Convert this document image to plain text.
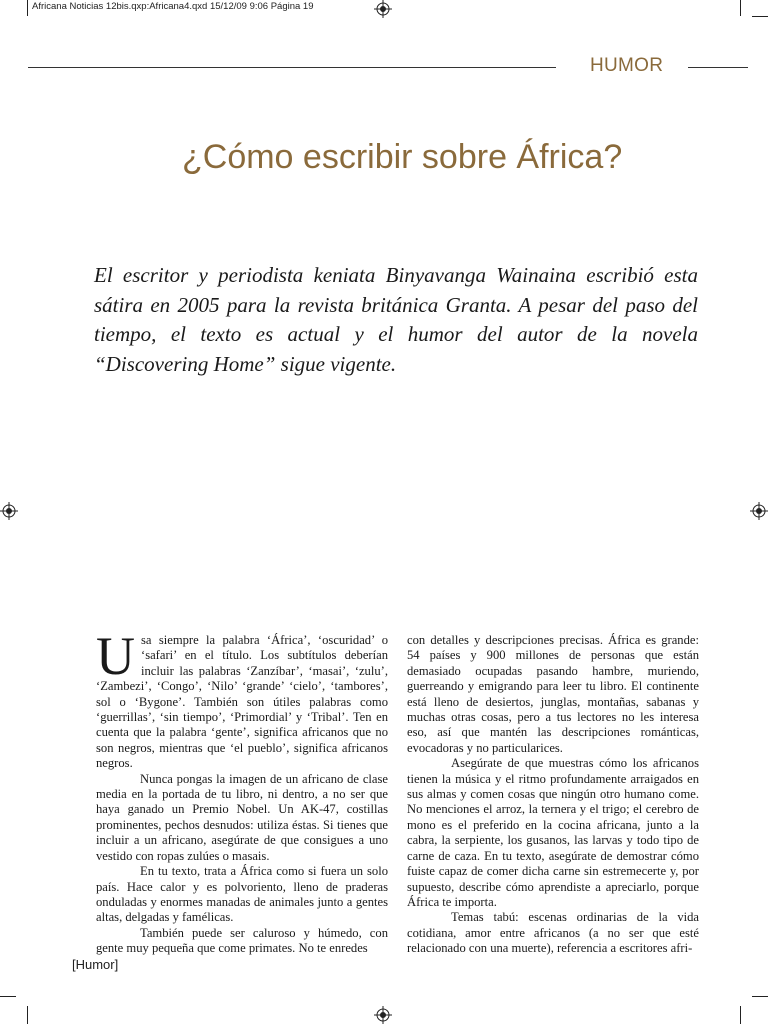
Africana Noticias 12bis.qxp:Africana4.qxd 15/12/09 9:06 Página 19
HUMOR
¿Cómo escribir sobre África?

El escritor y periodista keniata Binyavanga Wainaina escribió esta sátira en 2005 para la revista británica Granta. A pesar del paso del tiempo, el texto es actual y el humor del autor de la novela “Discovering Home” sigue vigente.

Usa siempre la palabra ‘África’, ‘oscuridad’ o ‘safari’ en el título. Los subtítulos deberían incluir las palabras ‘Zanzíbar’, ‘masai’, ‘zulu’, ‘Zambezi’, ‘Congo’, ‘Nilo’ ‘grande’ ‘cielo’, ‘tambores’, sol o ‘Bygone’. También son útiles palabras como ‘guerrillas’, ‘sin tiempo’, ‘Primordial’ y ‘Tribal’. Ten en cuenta que la palabra ‘gente’, significa africanos que no son negros, mientras que ‘el pueblo’, significa africanos negros.

Nunca pongas la imagen de un africano de clase media en la portada de tu libro, ni dentro, a no ser que haya ganado un Premio Nobel. Un AK-47, costillas prominentes, pechos desnudos: utiliza éstas. Si tienes que incluir a un africano, asegúrate de que consigues a uno vestido con ropas zulúes o masais.

En tu texto, trata a África como si fuera un solo país. Hace calor y es polvoriento, lleno de praderas onduladas y enormes manadas de animales junto a gentes altas, delgadas y famélicas.

También puede ser caluroso y húmedo, con gente muy pequeña que come primates. No te enredes

con detalles y descripciones precisas. África es grande: 54 países y 900 millones de personas que están demasiado ocupadas pasando hambre, muriendo, guerreando y emigrando para leer tu libro. El continente está lleno de desiertos, junglas, montañas, sabanas y muchas otras cosas, pero a tus lectores no les interesa eso, así que mantén las descripciones románticas, evocadoras y no particularices.

Asegúrate de que muestras cómo los africanos tienen la música y el ritmo profundamente arraigados en sus almas y comen cosas que ningún otro humano come. No menciones el arroz, la ternera y el trigo; el cerebro de mono es el preferido en la cocina africana, junto a la cabra, la serpiente, los gusanos, las larvas y todo tipo de carne de caza. En tu texto, asegúrate de demostrar cómo fuiste capaz de comer dicha carne sin estremecerte y, por supuesto, describe cómo aprendiste a apreciarlo, porque África te importa.

Temas tabú: escenas ordinarias de la vida cotidiana, amor entre africanos (a no ser que esté relacionado con una muerte), referencia a escritores afri-

[Humor]
